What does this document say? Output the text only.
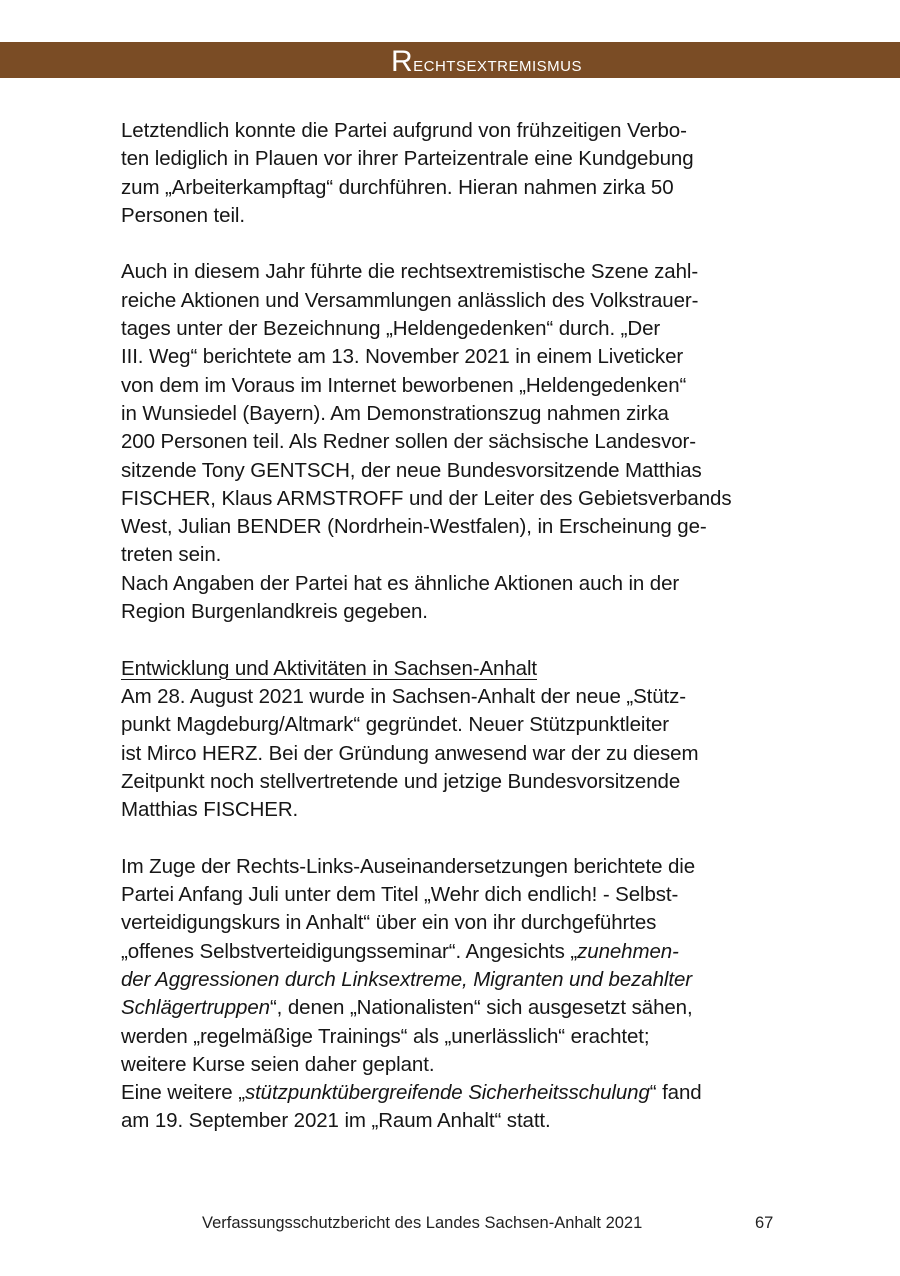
Rechtsextremismus
Letztendlich konnte die Partei aufgrund von frühzeitigen Verbo-
ten lediglich in Plauen vor ihrer Parteizentrale eine Kundgebung
zum „Arbeiterkampftag“ durchführen. Hieran nahmen zirka 50
Personen teil.
Auch in diesem Jahr führte die rechtsextremistische Szene zahl-
reiche Aktionen und Versammlungen anlässlich des Volkstrauer-
tages unter der Bezeichnung „Heldengedenken“ durch. „Der
III. Weg“ berichtete am 13. November 2021 in einem Liveticker
von dem im Voraus im Internet beworbenen „Heldengedenken“
in Wunsiedel (Bayern). Am Demonstrationszug nahmen zirka
200 Personen teil. Als Redner sollen der sächsische Landesvor-
sitzende Tony GENTSCH, der neue Bundesvorsitzende Matthias
FISCHER, Klaus ARMSTROFF und der Leiter des Gebietsverbands
West, Julian BENDER (Nordrhein-Westfalen), in Erscheinung ge-
treten sein.
Nach Angaben der Partei hat es ähnliche Aktionen auch in der
Region Burgenlandkreis gegeben.
Entwicklung und Aktivitäten in Sachsen-Anhalt
Am 28. August 2021 wurde in Sachsen-Anhalt der neue „Stütz-
punkt Magdeburg/Altmark“ gegründet. Neuer Stützpunktleiter
ist Mirco HERZ. Bei der Gründung anwesend war der zu diesem
Zeitpunkt noch stellvertretende und jetzige Bundesvorsitzende
Matthias FISCHER.
Im Zuge der Rechts-Links-Auseinandersetzungen berichtete die
Partei Anfang Juli unter dem Titel „Wehr dich endlich! - Selbst-
verteidigungskurs in Anhalt“ über ein von ihr durchgeführtes
„offenes Selbstverteidigungsseminar“. Angesichts „zunehmen-
der Aggressionen durch Linksextreme, Migranten und bezahlter
Schlägertruppen“, denen „Nationalisten“ sich ausgesetzt sähen,
werden „regelmäßige Trainings“ als „unerlässlich“ erachtet;
weitere Kurse seien daher geplant.
Eine weitere „stützpunktübergreifende Sicherheitsschulung“ fand
am 19. September 2021 im „Raum Anhalt“ statt.
Verfassungsschutzbericht des Landes Sachsen-Anhalt 2021	67
